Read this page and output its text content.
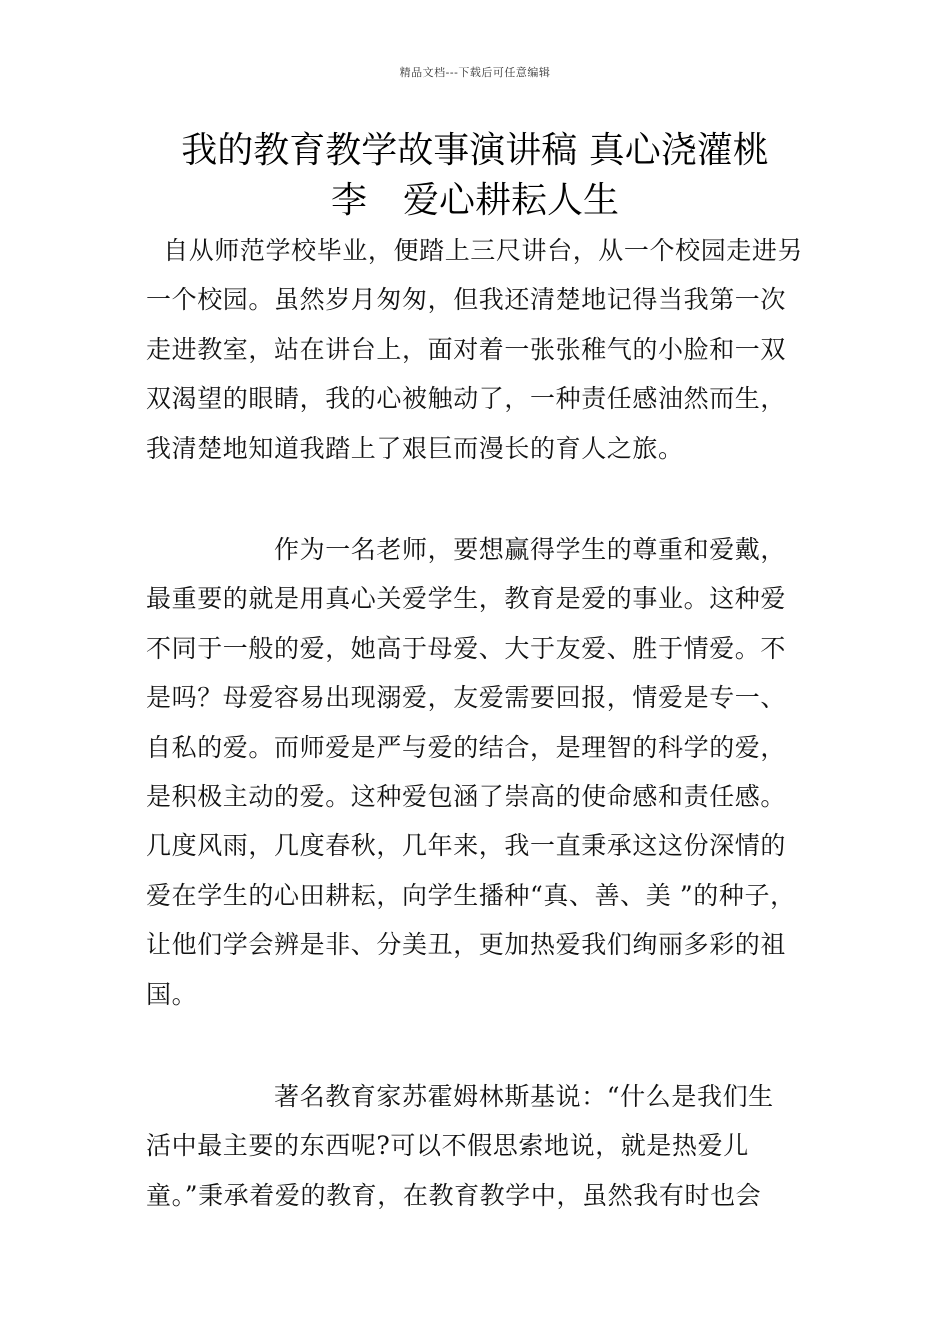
精品文档---下载后可任意编辑
我的教育教学故事演讲稿 真心浇灌桃
李　爱心耕耘人生
自从师范学校毕业，便踏上三尺讲台，从一个校园走进另
一个校园。虽然岁月匆匆，但我还清楚地记得当我第一次
走进教室，站在讲台上，面对着一张张稚气的小脸和一双
双渴望的眼睛，我的心被触动了，一种责任感油然而生，
我清楚地知道我踏上了艰巨而漫长的育人之旅。
　　　　　作为一名老师，要想赢得学生的尊重和爱戴，
最重要的就是用真心关爱学生，教育是爱的事业。这种爱
不同于一般的爱，她高于母爱、大于友爱、胜于情爱。不
是吗？母爱容易出现溺爱，友爱需要回报，情爱是专一、
自私的爱。而师爱是严与爱的结合，是理智的科学的爱，
是积极主动的爱。这种爱包涵了崇高的使命感和责任感。
几度风雨，几度春秋，几年来，我一直秉承这这份深情的
爱在学生的心田耕耘，向学生播种“真、善、美 ”的种子，
让他们学会辨是非、分美丑，更加热爱我们绚丽多彩的祖
国。
　　　　　著名教育家苏霍姆林斯基说：“什么是我们生
活中最主要的东西呢?可以不假思索地说，就是热爱儿
童。”秉承着爱的教育，在教育教学中，虽然我有时也会
